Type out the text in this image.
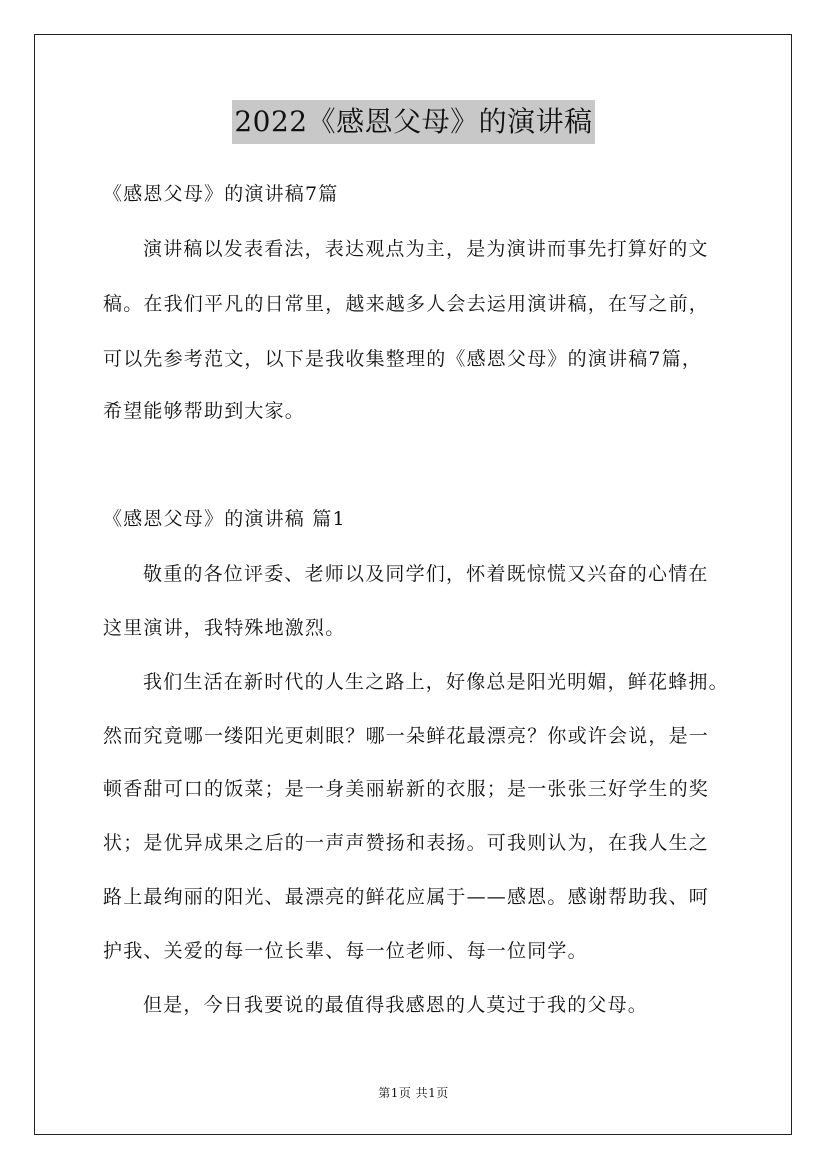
2022《感恩父母》的演讲稿
《感恩父母》的演讲稿7篇
演讲稿以发表看法，表达观点为主，是为演讲而事先打算好的文
稿。在我们平凡的日常里，越来越多人会去运用演讲稿，在写之前，
可以先参考范文，以下是我收集整理的《感恩父母》的演讲稿7篇，
希望能够帮助到大家。
《感恩父母》的演讲稿 篇1
敬重的各位评委、老师以及同学们，怀着既惊慌又兴奋的心情在
这里演讲，我特殊地激烈。
我们生活在新时代的人生之路上，好像总是阳光明媚，鲜花蜂拥。
然而究竟哪一缕阳光更刺眼？哪一朵鲜花最漂亮？你或许会说，是一
顿香甜可口的饭菜；是一身美丽崭新的衣服；是一张张三好学生的奖
状；是优异成果之后的一声声赞扬和表扬。可我则认为，在我人生之
路上最绚丽的阳光、最漂亮的鲜花应属于——感恩。感谢帮助我、呵
护我、关爱的每一位长辈、每一位老师、每一位同学。
但是，今日我要说的最值得我感恩的人莫过于我的父母。
第1页 共1页
